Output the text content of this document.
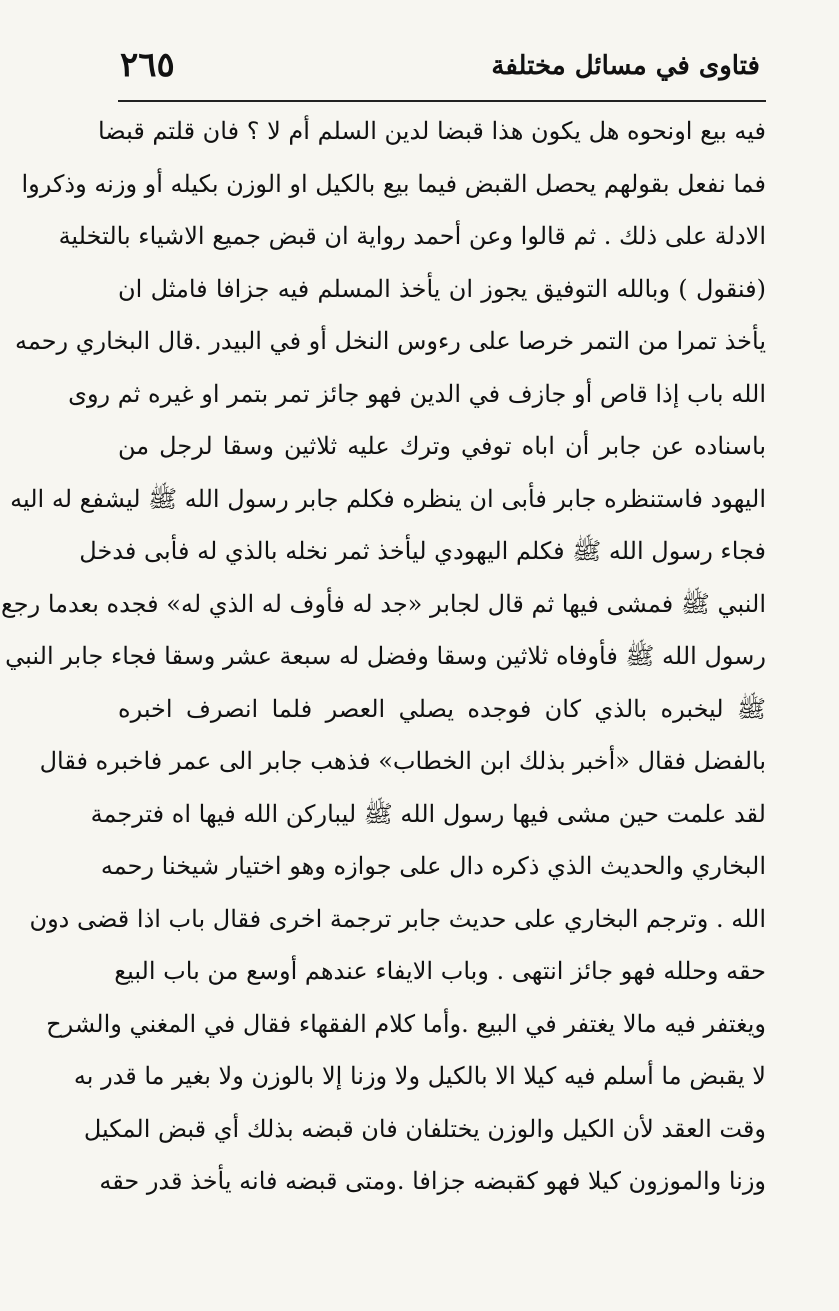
فتاوى في مسائل مختلفة
٢٦٥
فيه بيع اونحوه هل يكون هذا قبضا لدين السلم أم لا ؟ فان قلتم قبضا
فما نفعل بقولهم يحصل القبض فيما بيع بالكيل او الوزن بكيله أو وزنه وذكروا
الادلة على ذلك . ثم قالوا وعن أحمد رواية ان قبض جميع الاشياء بالتخلية
(فنقول ) وبالله التوفيق يجوز ان يأخذ المسلم فيه جزافا فامثل ان
يأخذ تمرا من التمر خرصا على رءوس النخل أو في البيدر .قال البخاري رحمه
الله باب إذا قاص أو جازف في الدين فهو جائز تمر بتمر او غيره ثم روى
باسناده عن جابر أن اباه توفي وترك عليه ثلاثين وسقا لرجل من
اليهود فاستنظره جابر فأبى ان ينظره فكلم جابر رسول الله ﷺ ليشفع له اليه
فجاء رسول الله ﷺ فكلم اليهودي ليأخذ ثمر نخله بالذي له فأبى فدخل
النبي ﷺ فمشى فيها ثم قال لجابر «جد له فأوف له الذي له» فجده بعدما رجع
رسول الله ﷺ فأوفاه ثلاثين وسقا وفضل له سبعة عشر وسقا فجاء جابر النبي
ﷺ ليخبره بالذي كان فوجده يصلي العصر فلما انصرف اخبره
بالفضل فقال «أخبر بذلك ابن الخطاب» فذهب جابر الى عمر فاخبره فقال
لقد علمت حين مشى فيها رسول الله ﷺ ليباركن الله فيها اه فترجمة
البخاري والحديث الذي ذكره دال على جوازه وهو اختيار شيخنا رحمه
الله . وترجم البخاري على حديث جابر ترجمة اخرى فقال باب اذا قضى دون
حقه وحلله فهو جائز انتهى . وباب الايفاء عندهم أوسع من باب البيع
ويغتفر فيه مالا يغتفر في البيع .وأما كلام الفقهاء فقال في المغني والشرح
لا يقبض ما أسلم فيه كيلا الا بالكيل ولا وزنا إلا بالوزن ولا بغير ما قدر به
وقت العقد لأن الكيل والوزن يختلفان فان قبضه بذلك أي قبض المكيل
وزنا والموزون كيلا فهو كقبضه جزافا .ومتى قبضه فانه يأخذ قدر حقه
